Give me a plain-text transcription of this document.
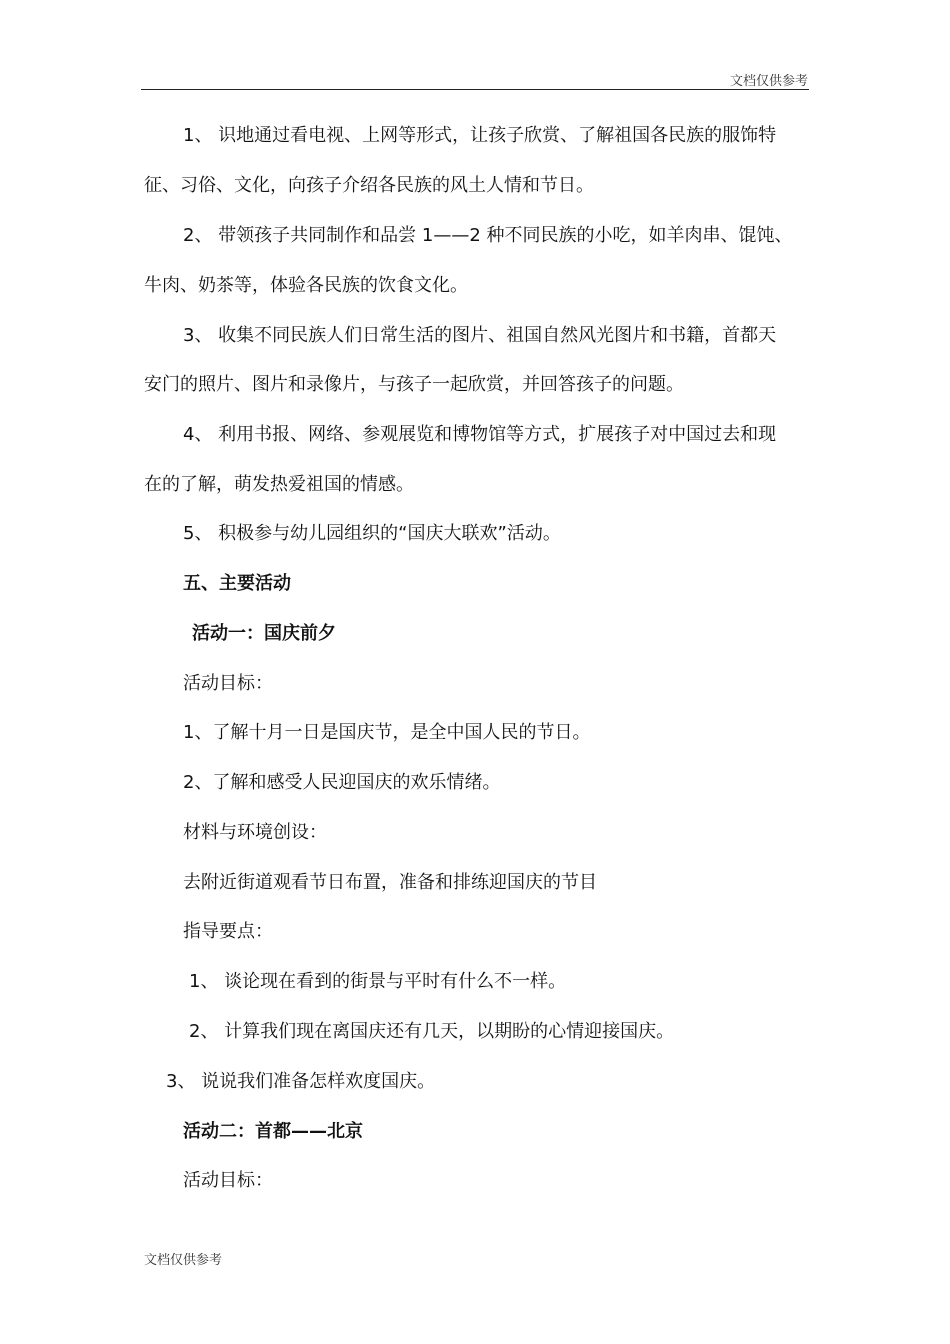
文档仅供参考
1、 识地通过看电视、上网等形式，让孩子欣赏、了解祖国各民族的服饰特
征、习俗、文化，向孩子介绍各民族的风土人情和节日。
2、 带领孩子共同制作和品尝 1——2 种不同民族的小吃，如羊肉串、馄饨、
牛肉、奶茶等，体验各民族的饮食文化。
3、 收集不同民族人们日常生活的图片、祖国自然风光图片和书籍，首都天
安门的照片、图片和录像片，与孩子一起欣赏，并回答孩子的问题。
4、 利用书报、网络、参观展览和博物馆等方式，扩展孩子对中国过去和现
在的了解，萌发热爱祖国的情感。
5、 积极参与幼儿园组织的“国庆大联欢”活动。
五、主要活动
活动一：国庆前夕
活动目标：
1、了解十月一日是国庆节，是全中国人民的节日。
2、了解和感受人民迎国庆的欢乐情绪。
材料与环境创设：
去附近街道观看节日布置，准备和排练迎国庆的节目
指导要点：
1、 谈论现在看到的街景与平时有什么不一样。
2、 计算我们现在离国庆还有几天，以期盼的心情迎接国庆。
3、 说说我们准备怎样欢度国庆。
活动二：首都——北京
活动目标：
文档仅供参考
